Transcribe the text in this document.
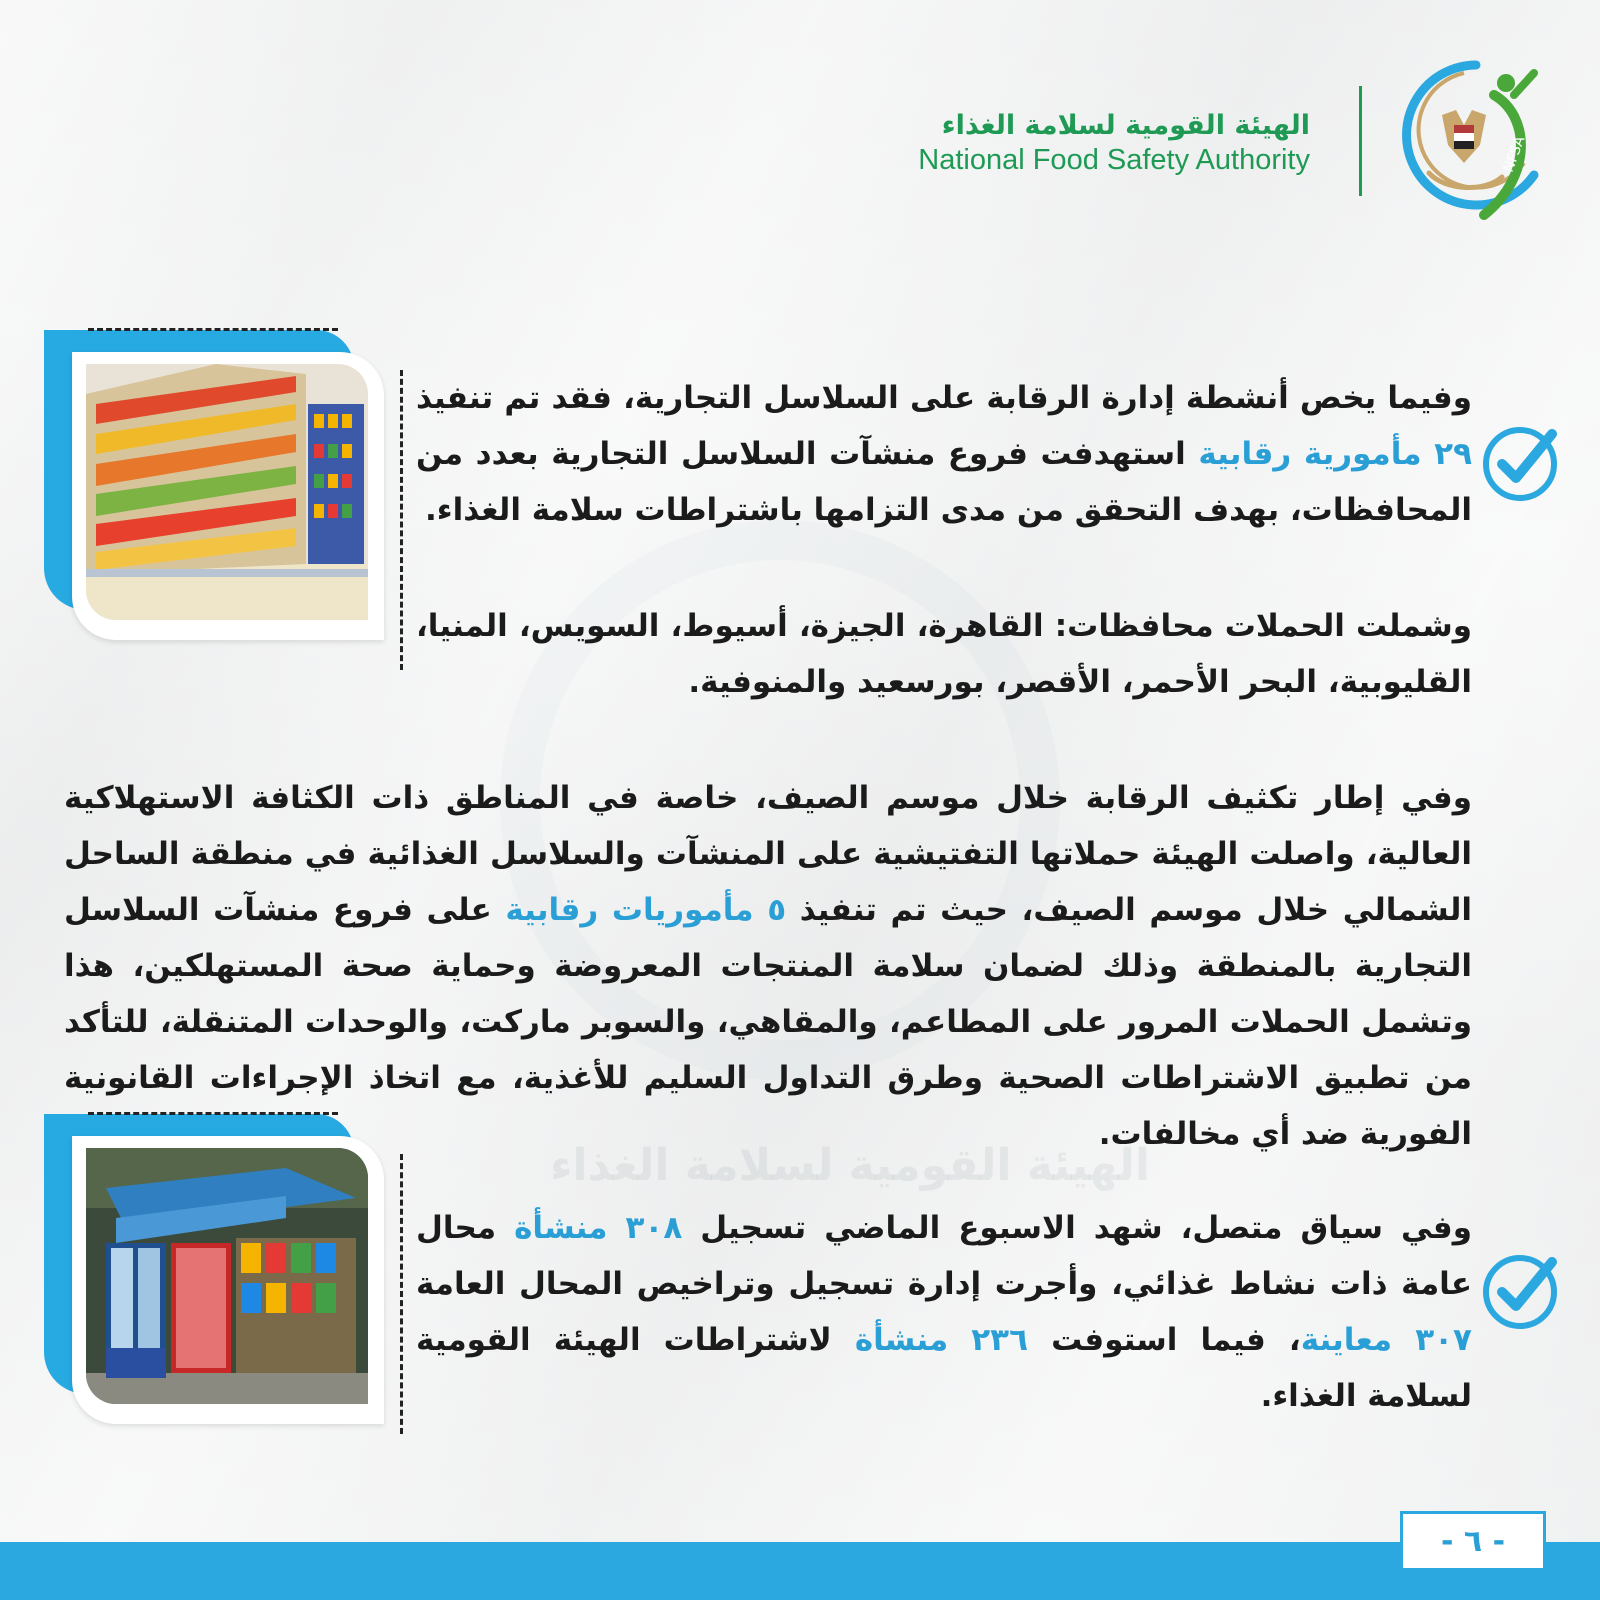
الهيئة القومية لسلامة الغذاء
الهيئة القومية لسلامة الغذاء
National Food Safety Authority	NFSA
وفيما يخص أنشطة إدارة الرقابة على السلاسل التجارية، فقد تم تنفيذ ٢٩ مأمورية رقابية استهدفت فروع منشآت السلاسل التجارية بعدد من المحافظات، بهدف التحقق من مدى التزامها باشتراطات سلامة الغذاء.
وشملت الحملات محافظات: القاهرة، الجيزة، أسيوط، السويس، المنيا، القليوبية، البحر الأحمر، الأقصر، بورسعيد والمنوفية.
وفي إطار تكثيف الرقابة خلال موسم الصيف، خاصة في المناطق ذات الكثافة الاستهلاكية العالية، واصلت الهيئة حملاتها التفتيشية على المنشآت والسلاسل الغذائية في منطقة الساحل الشمالي خلال موسم الصيف، حيث تم تنفيذ ٥ مأموريات رقابية على فروع منشآت السلاسل التجارية بالمنطقة وذلك لضمان سلامة المنتجات المعروضة وحماية صحة المستهلكين، هذا وتشمل الحملات المرور على المطاعم، والمقاهي، والسوبر ماركت، والوحدات المتنقلة، للتأكد من تطبيق الاشتراطات الصحية وطرق التداول السليم للأغذية، مع اتخاذ الإجراءات القانونية الفورية ضد أي مخالفات.
وفي سياق متصل، شهد الاسبوع الماضي تسجيل ٣٠٨ منشأة محال عامة ذات نشاط غذائي، وأجرت إدارة تسجيل وتراخيص المحال العامة ٣٠٧ معاينة، فيما استوفت ٢٣٦ منشأة لاشتراطات الهيئة القومية لسلامة الغذاء.
- ٦ -
